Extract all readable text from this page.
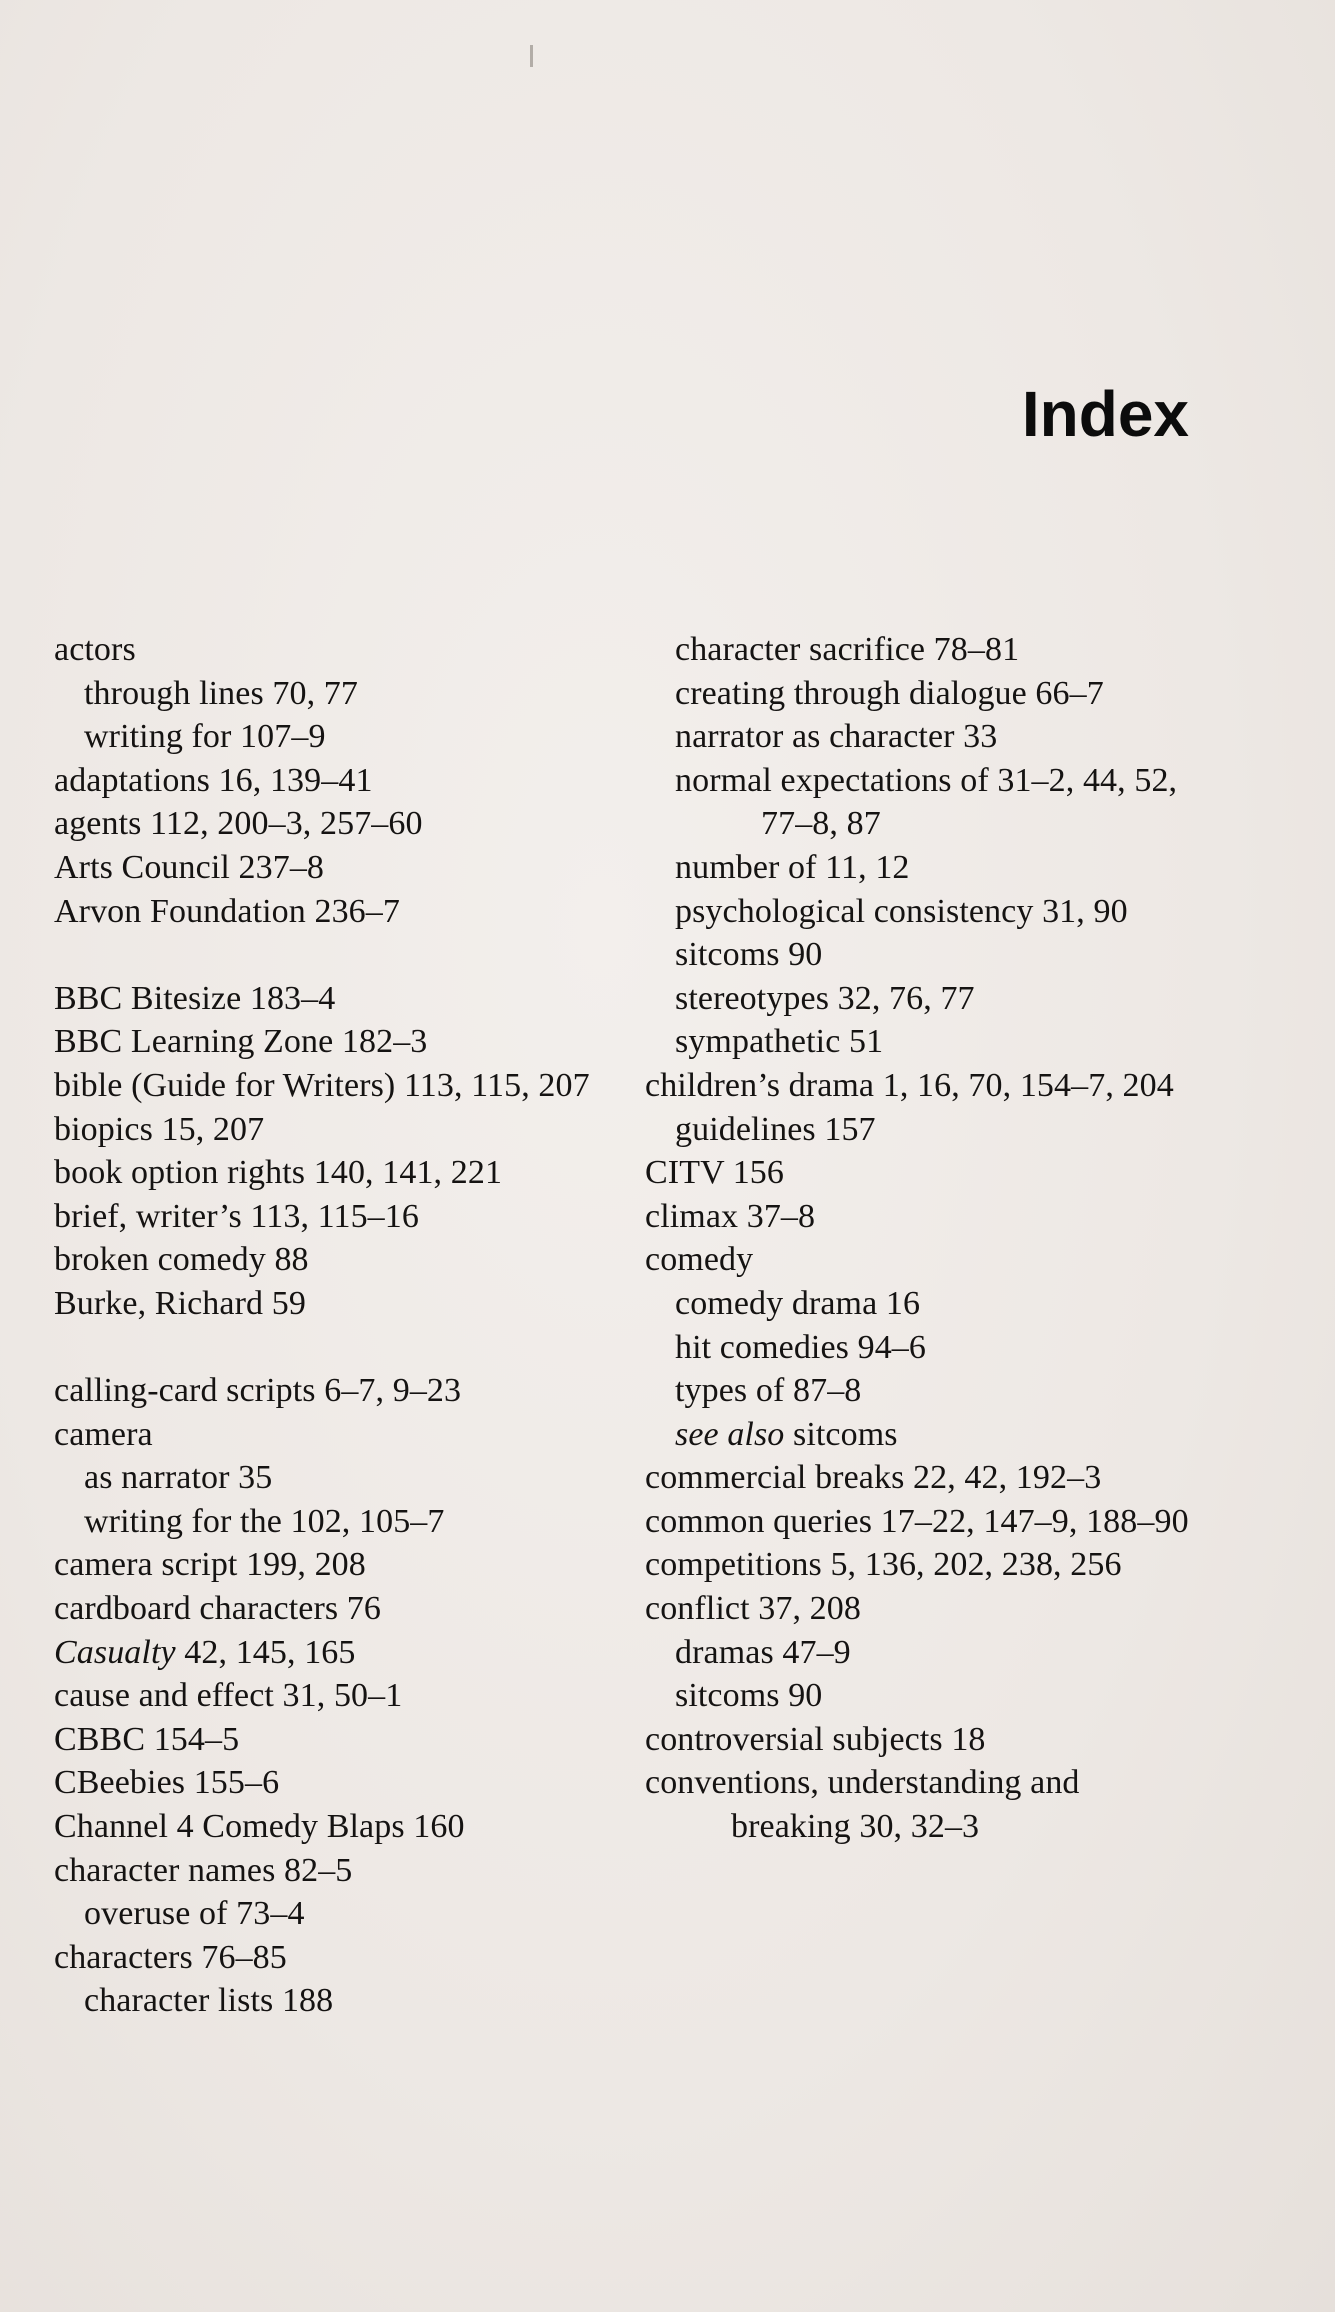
Index

actors

through lines 70, 77

writing for 107–9

adaptations 16, 139–41

agents 112, 200–3, 257–60

Arts Council 237–8

Arvon Foundation 236–7

BBC Bitesize 183–4

BBC Learning Zone 182–3

bible (Guide for Writers) 113, 115, 207

biopics 15, 207

book option rights 140, 141, 221

brief, writer’s 113, 115–16

broken comedy 88

Burke, Richard 59

calling-card scripts 6–7, 9–23

camera

as narrator 35

writing for the 102, 105–7

camera script 199, 208

cardboard characters 76

Casualty 42, 145, 165

cause and effect 31, 50–1

CBBC 154–5

CBeebies 155–6

Channel 4 Comedy Blaps 160

character names 82–5

overuse of 73–4

characters 76–85

character lists 188

character sacrifice 78–81

creating through dialogue 66–7

narrator as character 33

normal expectations of 31–2, 44, 52, 77–8, 87

number of 11, 12

psychological consistency 31, 90

sitcoms 90

stereotypes 32, 76, 77

sympathetic 51

children’s drama 1, 16, 70, 154–7, 204

guidelines 157

CITV 156

climax 37–8

comedy

comedy drama 16

hit comedies 94–6

types of 87–8

see also sitcoms

commercial breaks 22, 42, 192–3

common queries 17–22, 147–9, 188–90

competitions 5, 136, 202, 238, 256

conflict 37, 208

dramas 47–9

sitcoms 90

controversial subjects 18

conventions, understanding and breaking 30, 32–3
